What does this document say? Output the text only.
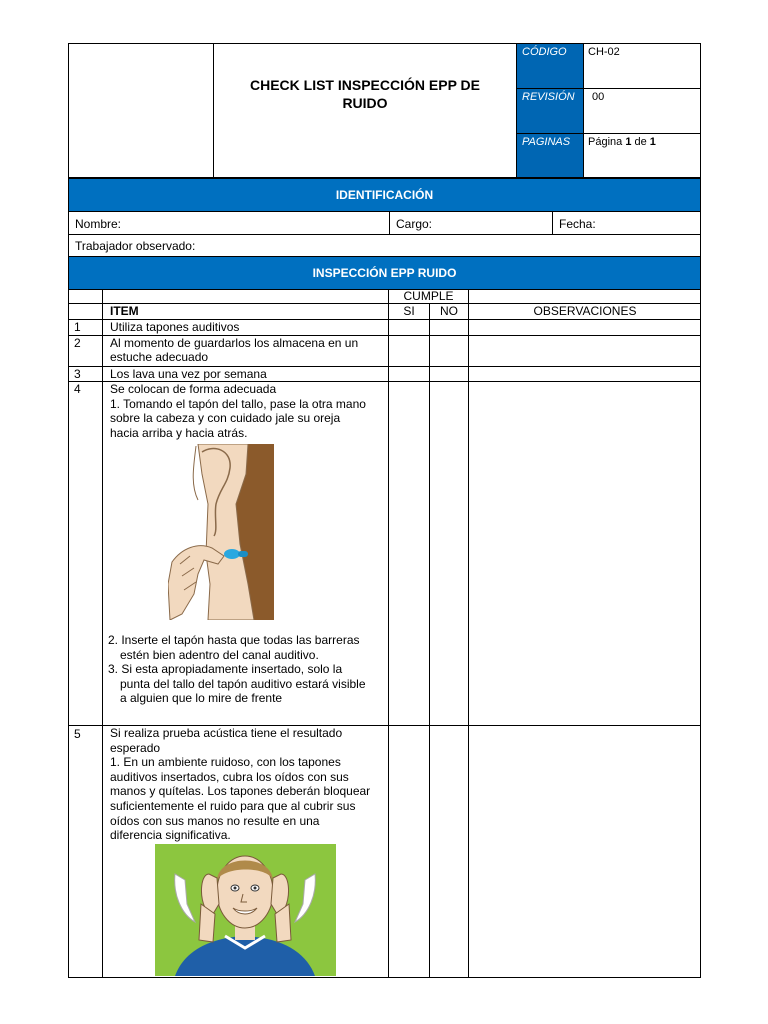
CHECK LIST INSPECCIÓN EPP DE
RUIDO
CÓDIGO	CH-02
REVISIÓN	00
PAGINAS	Página 1 de 1
IDENTIFICACIÓN
Nombre:	Cargo:	Fecha:
Trabajador observado:
INSPECCIÓN EPP RUIDO
CUMPLE
ITEM	SI	NO	OBSERVACIONES
1 Utiliza tapones auditivos
2 Al momento de guardarlos los almacena en un
estuche adecuado
3 Los lava una vez por semana
4 Se colocan de forma adecuada
1. Tomando el tapón del tallo, pase la otra mano
sobre la cabeza y con cuidado jale su oreja
hacia arriba y hacia atrás.
2. Inserte el tapón hasta que todas las barreras
estén bien adentro del canal auditivo.
3. Si esta apropiadamente insertado, solo la
punta del tallo del tapón auditivo estará visible
a alguien que lo mire de frente
5 Si realiza prueba acústica tiene el resultado
esperado
1. En un ambiente ruidoso, con los tapones
auditivos insertados, cubra los oídos con sus
manos y quítelas. Los tapones deberán bloquear
suficientemente el ruido para que al cubrir sus
oídos con sus manos no resulte en una
diferencia significativa.
